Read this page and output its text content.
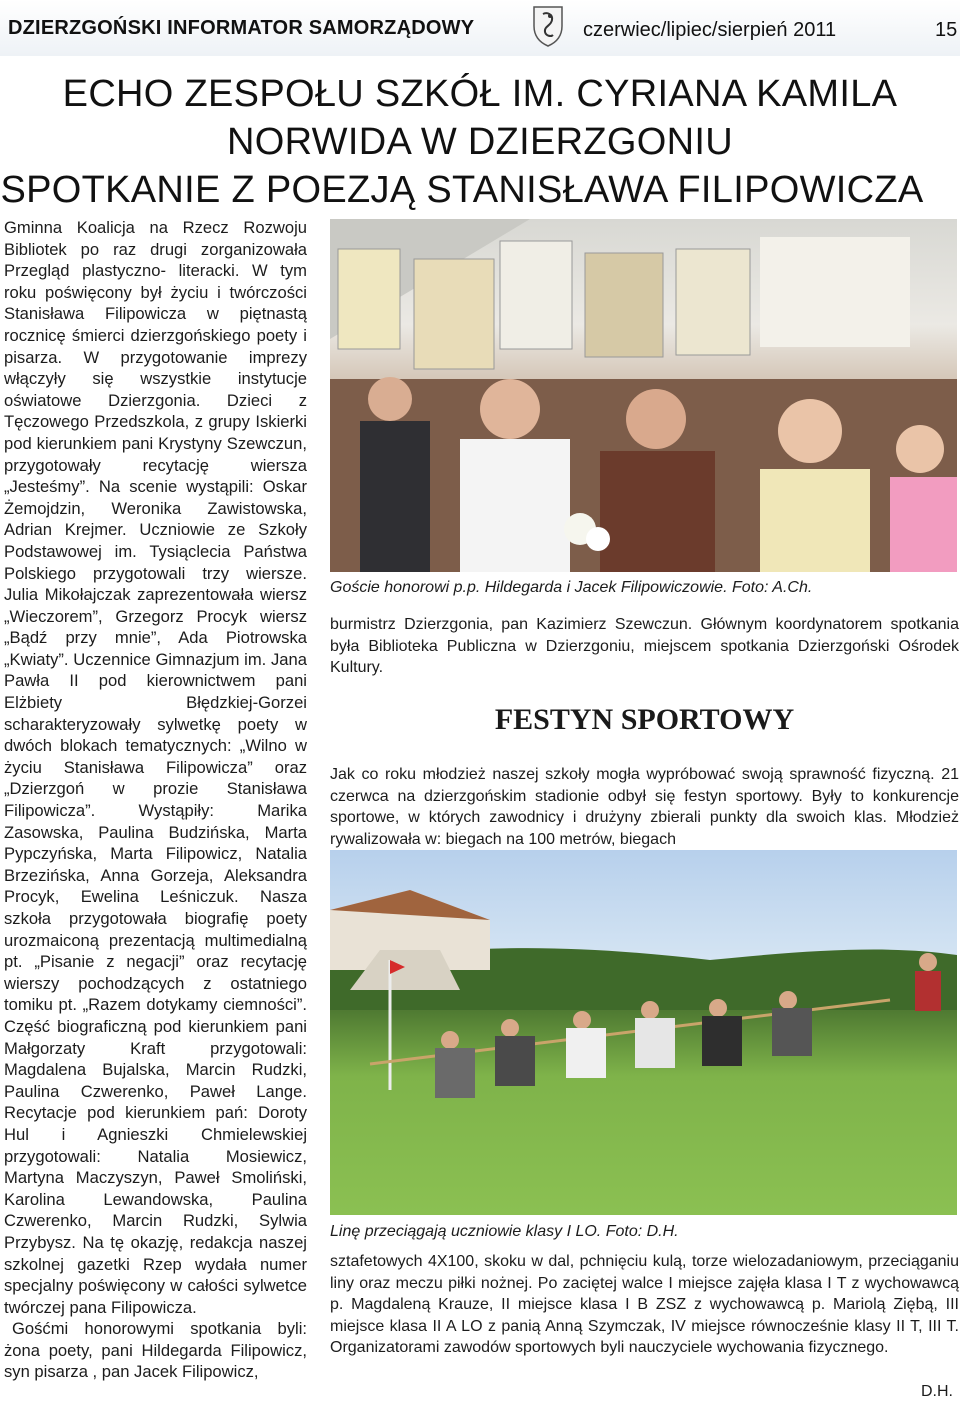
DZIERZGOŃSKI INFORMATOR SAMORZĄDOWY	czerwiec/lipiec/sierpień 2011	15
ECHO ZESPOŁU SZKÓŁ IM. CYRIANA KAMILA
NORWIDA W DZIERZGONIU
SPOTKANIE Z POEZJĄ STANISŁAWA FILIPOWICZA

Gminna Koalicja na Rzecz Rozwoju Bibliotek po raz drugi zorganizowała Przegląd plastyczno- literacki. W tym roku poświęcony był życiu i twórczości Stanisława Filipowicza w piętnastą rocznicę śmierci dzierzgońskiego poety i pisarza. W przygotowanie imprezy włączyły się wszystkie instytucje oświatowe Dzierzgonia. Dzieci z Tęczowego Przedszkola, z grupy Iskierki pod kierunkiem pani Krystyny Szewczun, przygotowały recytację wiersza „Jesteśmy”. Na scenie wystąpili: Oskar Żemojdzin, Weronika Zawistowska, Adrian Krejmer. Uczniowie ze Szkoły Podstawowej im. Tysiąclecia Państwa Polskiego przygotowali trzy wiersze. Julia Mikołajczak zaprezentowała wiersz „Wieczorem”, Grzegorz Procyk wiersz „Bądź przy mnie”, Ada Piotrowska „Kwiaty”. Uczennice Gimnazjum im. Jana Pawła II pod kierownictwem pani Elżbiety Błędzkiej-Gorzei scharakteryzowały sylwetkę poety w dwóch blokach tematycznych: „Wilno w życiu Stanisława Filipowicza” oraz „Dzierzgoń w prozie Stanisława Filipowicza”. Wystąpiły: Marika Zasowska, Paulina Budzińska, Marta Pypczyńska, Marta Filipowicz, Natalia Brzezińska, Anna Gorzeja, Aleksandra Procyk, Ewelina Leśniczuk. Nasza szkoła przygotowała biografię poety urozmaiconą prezentacją multimedialną pt. „Pisanie z negacji” oraz recytację wierszy pochodzących z ostatniego tomiku pt. „Razem dotykamy ciemności”. Część biograficzną pod kierunkiem pani Małgorzaty Kraft przygotowali: Magdalena Bujalska, Marcin Rudzki, Paulina Czwerenko, Paweł Lange. Recytacje pod kierunkiem pań: Doroty Hul i Agnieszki Chmielewskiej przygotowali: Natalia Mosiewicz, Martyna Maczyszyn, Paweł Smoliński, Karolina Lewandowska, Paulina Czwerenko, Marcin Rudzki, Sylwia Przybysz. Na tę okazję, redakcja naszej szkolnej gazetki Rzep wydała numer specjalny poświęcony w całości sylwetce twórczej pana Filipowicza.

Gośćmi honorowymi spotkania byli: żona poety, pani Hildegarda Filipowicz, syn pisarza , pan Jacek Filipowicz,

Goście honorowi p.p. Hildegarda i Jacek Filipowiczowie. Foto: A.Ch.

burmistrz Dzierzgonia, pan Kazimierz Szewczun. Głównym koordynatorem spotkania była Biblioteka Publiczna w Dzierzgoniu, miejscem spotkania Dzierzgoński Ośrodek Kultury.

FESTYN SPORTOWY

Jak co roku młodzież naszej szkoły mogła wypróbować swoją sprawność fizyczną. 21 czerwca na dzierzgońskim stadionie odbył się festyn sportowy. Były to konkurencje sportowe, w których zawodnicy i drużyny zbierali punkty dla swoich klas. Młodzież rywalizowała w: biegach na 100 metrów, biegach

Linę przeciągają uczniowie klasy I LO. Foto: D.H.

sztafetowych 4X100, skoku w dal, pchnięciu kulą, torze wielozadaniowym, przeciąganiu liny oraz meczu piłki nożnej. Po zaciętej walce I miejsce zajęła klasa I T z wychowawcą p. Magdaleną Krauze, II miejsce klasa I B ZSZ z wychowawcą p. Mariolą Ziębą, III miejsce klasa II A LO z panią Anną Szymczak, IV miejsce równocześnie klasy II T, III T. Organizatorami zawodów sportowych byli nauczyciele wychowania fizycznego.

D.H.
